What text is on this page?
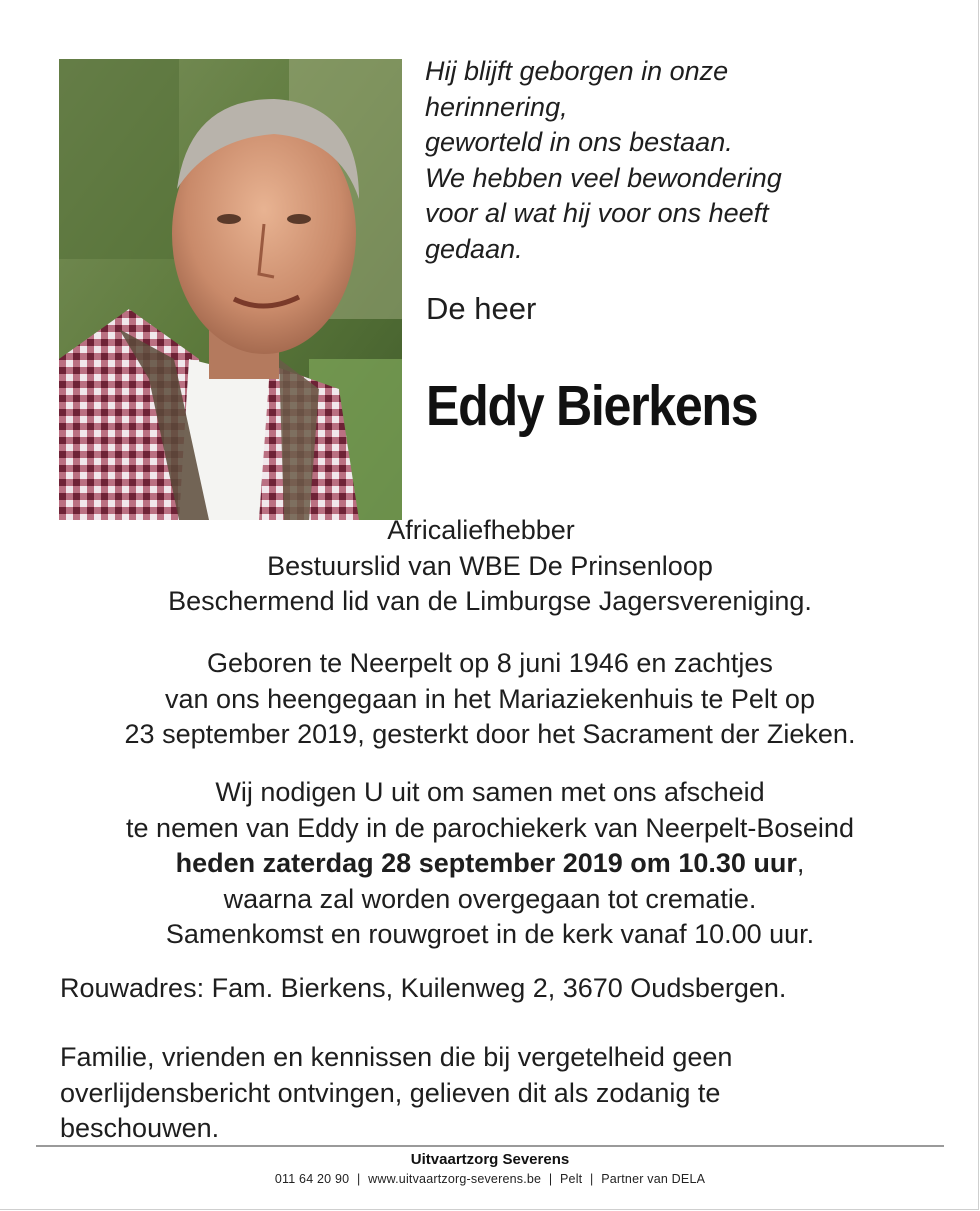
Hij blijft geborgen in onze
herinnering,
geworteld in ons bestaan.
We hebben veel bewondering
voor al wat hij voor ons heeft
gedaan.
De heer
Eddy Bierkens
Africaliefhebber
Bestuurslid van WBE De Prinsenloop
Beschermend lid van de Limburgse Jagersvereniging.
Geboren te Neerpelt op 8 juni 1946 en zachtjes
van ons heengegaan in het Mariaziekenhuis te Pelt op
23 september 2019, gesterkt door het Sacrament der Zieken.
Wij nodigen U uit om samen met ons afscheid
te nemen van Eddy in de parochiekerk van Neerpelt-Boseind
heden zaterdag 28 september 2019 om 10.30 uur,
waarna zal worden overgegaan tot crematie.
Samenkomst en rouwgroet in de kerk vanaf 10.00 uur.
Rouwadres: Fam. Bierkens, Kuilenweg 2, 3670 Oudsbergen.
Familie, vrienden en kennissen die bij vergetelheid geen
overlijdensbericht ontvingen, gelieven dit als zodanig te
beschouwen.
Uitvaartzorg Severens
011 64 20 90 | www.uitvaartzorg-severens.be | Pelt | Partner van DELA
